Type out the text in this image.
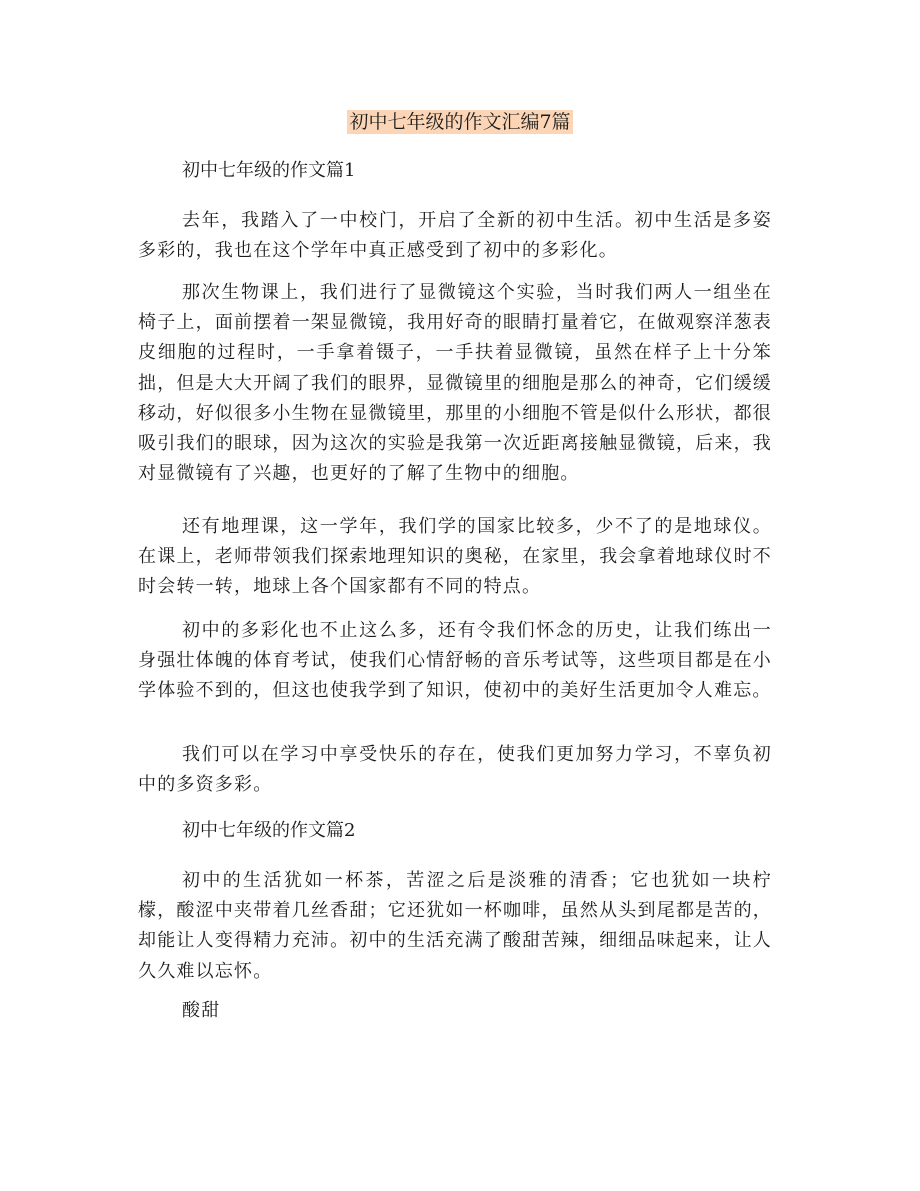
初中七年级的作文汇编7篇
初中七年级的作文篇1

去年，我踏入了一中校门，开启了全新的初中生活。初中生活是多姿多彩的，我也在这个学年中真正感受到了初中的多彩化。

那次生物课上，我们进行了显微镜这个实验，当时我们两人一组坐在椅子上，面前摆着一架显微镜，我用好奇的眼睛打量着它，在做观察洋葱表皮细胞的过程时，一手拿着镊子，一手扶着显微镜，虽然在样子上十分笨拙，但是大大开阔了我们的眼界，显微镜里的细胞是那么的神奇，它们缓缓移动，好似很多小生物在显微镜里，那里的小细胞不管是似什么形状，都很吸引我们的眼球，因为这次的实验是我第一次近距离接触显微镜，后来，我对显微镜有了兴趣，也更好的了解了生物中的细胞。

还有地理课，这一学年，我们学的国家比较多，少不了的是地球仪。在课上，老师带领我们探索地理知识的奥秘，在家里，我会拿着地球仪时不时会转一转，地球上各个国家都有不同的特点。

初中的多彩化也不止这么多，还有令我们怀念的历史，让我们练出一身强壮体魄的体育考试，使我们心情舒畅的音乐考试等，这些项目都是在小学体验不到的，但这也使我学到了知识，使初中的美好生活更加令人难忘。

我们可以在学习中享受快乐的存在，使我们更加努力学习，不辜负初中的多资多彩。

初中七年级的作文篇2

初中的生活犹如一杯茶，苦涩之后是淡雅的清香；它也犹如一块柠檬，酸涩中夹带着几丝香甜；它还犹如一杯咖啡，虽然从头到尾都是苦的，却能让人变得精力充沛。初中的生活充满了酸甜苦辣，细细品味起来，让人久久难以忘怀。

酸甜
